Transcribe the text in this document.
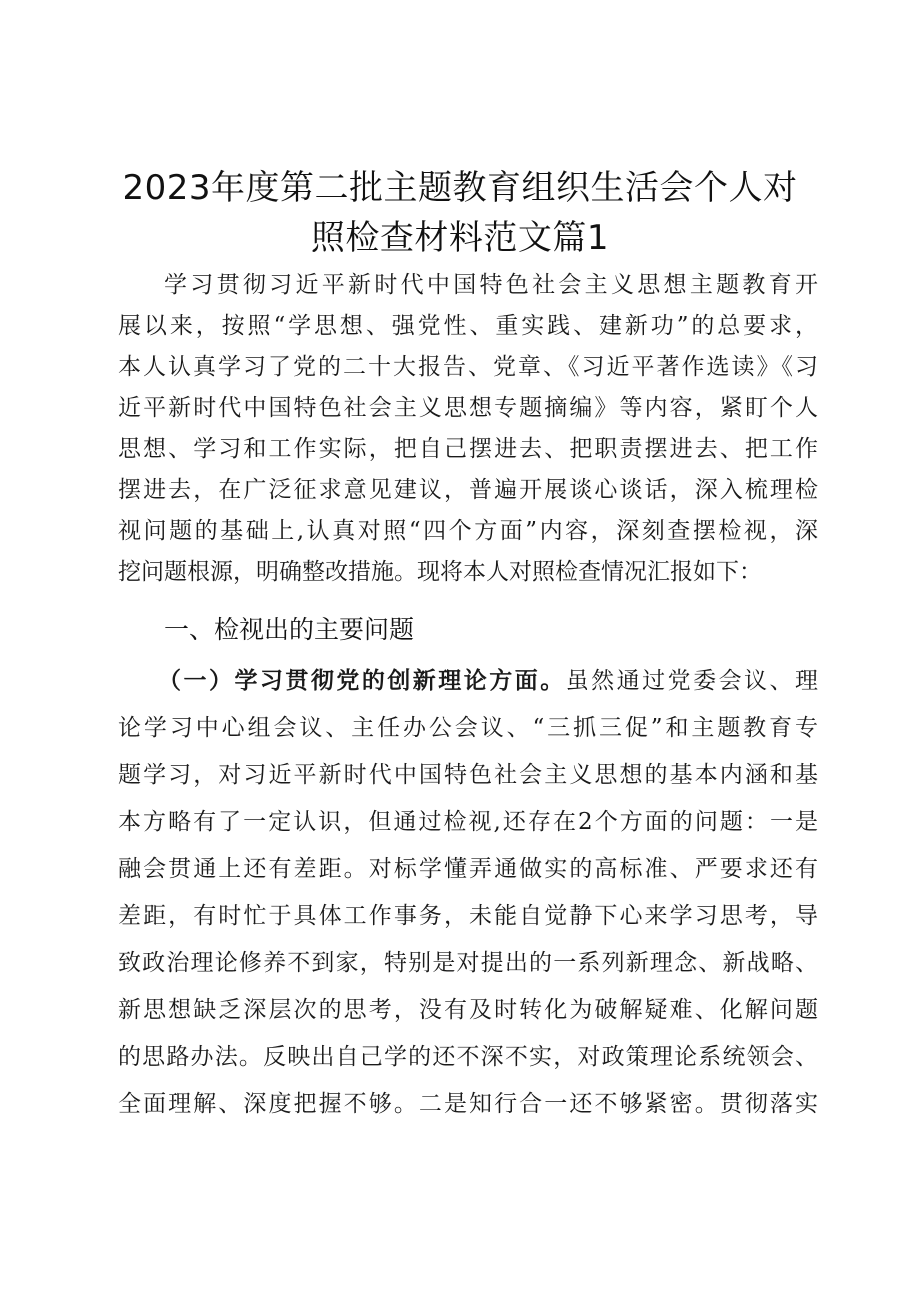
2023年度第二批主题教育组织生活会个人对
照检查材料范文篇1
学习贯彻习近平新时代中国特色社会主义思想主题教育开
展以来，按照“学思想、强党性、重实践、建新功”的总要求，
本人认真学习了党的二十大报告、党章、《习近平著作选读》《习
近平新时代中国特色社会主义思想专题摘编》等内容，紧盯个人
思想、学习和工作实际，把自己摆进去、把职责摆进去、把工作
摆进去，在广泛征求意见建议，普遍开展谈心谈话，深入梳理检
视问题的基础上,认真对照“四个方面”内容，深刻查摆检视，深
挖问题根源，明确整改措施。现将本人对照检查情况汇报如下：
一、检视出的主要问题
（一）学习贯彻党的创新理论方面。虽然通过党委会议、理
论学习中心组会议、主任办公会议、“三抓三促”和主题教育专
题学习，对习近平新时代中国特色社会主义思想的基本内涵和基
本方略有了一定认识，但通过检视,还存在2个方面的问题：一是
融会贯通上还有差距。对标学懂弄通做实的高标准、严要求还有
差距，有时忙于具体工作事务，未能自觉静下心来学习思考，导
致政治理论修养不到家，特别是对提出的一系列新理念、新战略、
新思想缺乏深层次的思考，没有及时转化为破解疑难、化解问题
的思路办法。反映出自己学的还不深不实，对政策理论系统领会、
全面理解、深度把握不够。二是知行合一还不够紧密。贯彻落实
